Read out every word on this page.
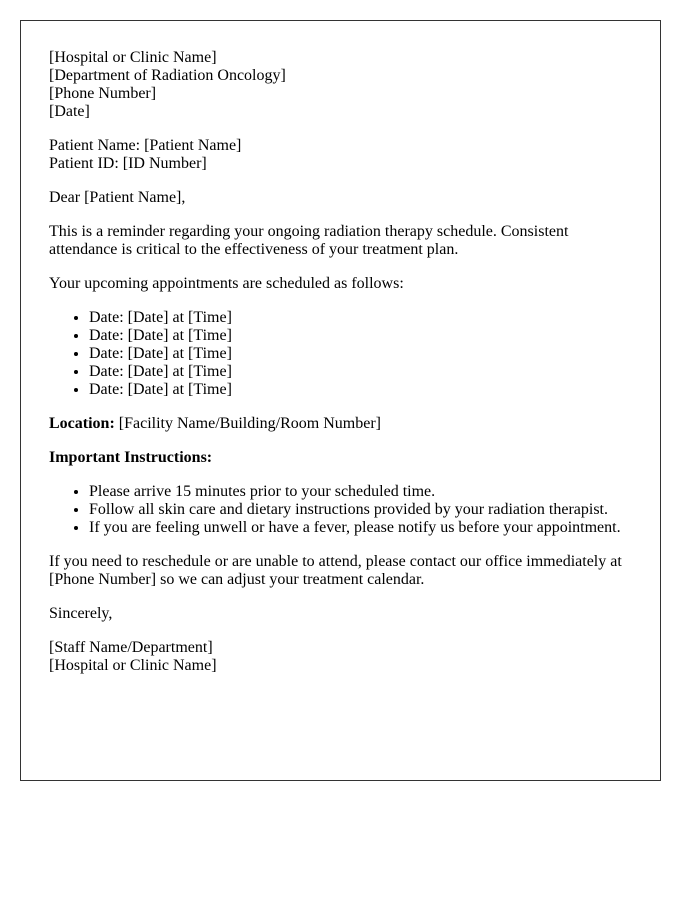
[Hospital or Clinic Name]
[Department of Radiation Oncology]
[Phone Number]
[Date]

Patient Name: [Patient Name]
Patient ID: [ID Number]

Dear [Patient Name],

This is a reminder regarding your ongoing radiation therapy schedule. Consistent attendance is critical to the effectiveness of your treatment plan.

Your upcoming appointments are scheduled as follows:

• Date: [Date] at [Time]
• Date: [Date] at [Time]
• Date: [Date] at [Time]
• Date: [Date] at [Time]
• Date: [Date] at [Time]

Location: [Facility Name/Building/Room Number]

Important Instructions:

• Please arrive 15 minutes prior to your scheduled time.
• Follow all skin care and dietary instructions provided by your radiation therapist.
• If you are feeling unwell or have a fever, please notify us before your appointment.

If you need to reschedule or are unable to attend, please contact our office immediately at [Phone Number] so we can adjust your treatment calendar.

Sincerely,

[Staff Name/Department]
[Hospital or Clinic Name]
